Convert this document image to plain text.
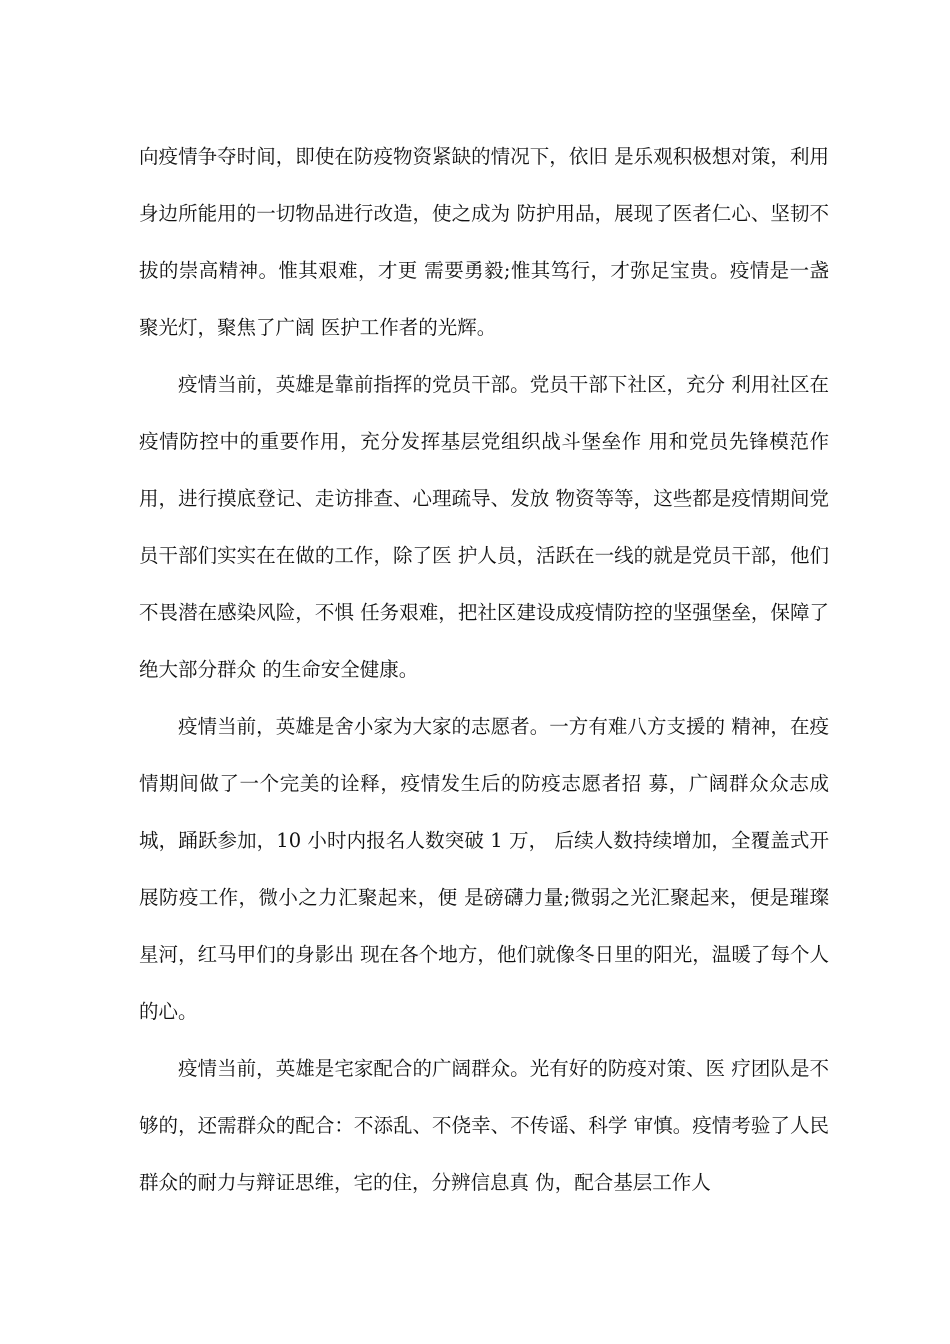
向疫情争夺时间，即使在防疫物资紧缺的情况下，依旧 是乐观积极想对策，利用身边所能用的一切物品进行改造，使之成为 防护用品，展现了医者仁心、坚韧不拔的崇高精神。惟其艰难，才更 需要勇毅;惟其笃行，才弥足宝贵。疫情是一盏聚光灯，聚焦了广阔 医护工作者的光辉。

疫情当前，英雄是靠前指挥的党员干部。党员干部下社区，充分 利用社区在疫情防控中的重要作用，充分发挥基层党组织战斗堡垒作 用和党员先锋模范作用，进行摸底登记、走访排查、心理疏导、发放 物资等等，这些都是疫情期间党员干部们实实在在做的工作，除了医 护人员，活跃在一线的就是党员干部，他们不畏潜在感染风险，不惧 任务艰难，把社区建设成疫情防控的坚强堡垒，保障了绝大部分群众 的生命安全健康。

疫情当前，英雄是舍小家为大家的志愿者。一方有难八方支援的 精神，在疫情期间做了一个完美的诠释，疫情发生后的防疫志愿者招 募，广阔群众众志成城，踊跃参加，10 小时内报名人数突破 1 万， 后续人数持续增加，全覆盖式开展防疫工作，微小之力汇聚起来，便 是磅礴力量;微弱之光汇聚起来，便是璀璨星河，红马甲们的身影出 现在各个地方，他们就像冬日里的阳光，温暖了每个人的心。

疫情当前，英雄是宅家配合的广阔群众。光有好的防疫对策、医 疗团队是不够的，还需群众的配合：不添乱、不侥幸、不传谣、科学 审慎。疫情考验了人民群众的耐力与辩证思维，宅的住，分辨信息真 伪，配合基层工作人
